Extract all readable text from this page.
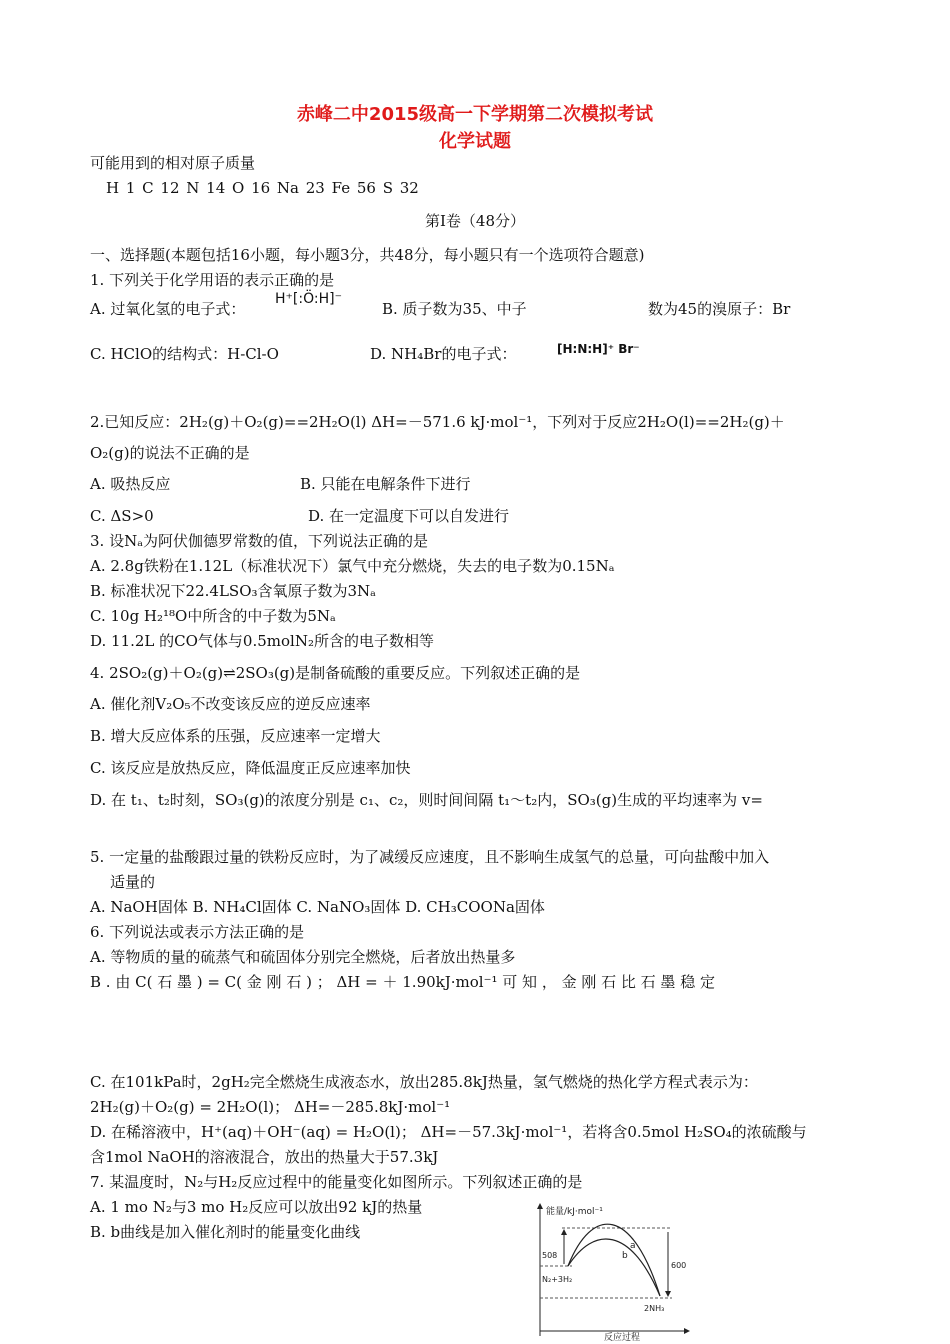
赤峰二中2015级高一下学期第二次模拟考试
化学试题
可能用到的相对原子质量
H 1 C 12 N 14 O 16 Na 23 Fe 56 S 32
第Ⅰ卷（48分）
一、选择题(本题包括16小题，每小题3分，共48分，每小题只有一个选项符合题意)
1. 下列关于化学用语的表示正确的是
A. 过氧化氢的电子式：
H⁺[:Ö:H]⁻
B. 质子数为35、中子	数为45的溴原子：Br
C. HClO的结构式：H-Cl-O	D. NH₄Br的电子式：	[H:N:H]⁺ Br⁻
2.已知反应：2H₂(g)＋O₂(g)==2H₂O(l) ΔH=－571.6 kJ·mol⁻¹，下列对于反应2H₂O(l)==2H₂(g)＋
O₂(g)的说法不正确的是
A. 吸热反应	B. 只能在电解条件下进行
C. ΔS>0	D. 在一定温度下可以自发进行
3. 设Nₐ为阿伏伽德罗常数的值，下列说法正确的是
A. 2.8g铁粉在1.12L（标准状况下）氯气中充分燃烧，失去的电子数为0.15Nₐ
B. 标准状况下22.4LSO₃含氧原子数为3Nₐ
C. 10g H₂¹⁸O中所含的中子数为5Nₐ
D. 11.2L 的CO气体与0.5molN₂所含的电子数相等
4. 2SO₂(g)＋O₂(g)⇌2SO₃(g)是制备硫酸的重要反应。下列叙述正确的是
A. 催化剂V₂O₅不改变该反应的逆反应速率
B. 增大反应体系的压强，反应速率一定增大
C. 该反应是放热反应，降低温度正反应速率加快
D. 在 t₁、t₂时刻，SO₃(g)的浓度分别是 c₁、c₂，则时间间隔 t₁～t₂内，SO₃(g)生成的平均速率为 v=
5. 一定量的盐酸跟过量的铁粉反应时，为了减缓反应速度，且不影响生成氢气的总量，可向盐酸中加入
适量的
A. NaOH固体 B. NH₄Cl固体 C. NaNO₃固体 D. CH₃COONa固体
6. 下列说法或表示方法正确的是
A. 等物质的量的硫蒸气和硫固体分别完全燃烧，后者放出热量多
B . 由 C( 石 墨 ) = C( 金 刚 石 ) ； ΔH = ＋ 1.90kJ·mol⁻¹ 可 知 ， 金 刚 石 比 石 墨 稳 定
C. 在101kPa时，2gH₂完全燃烧生成液态水，放出285.8kJ热量，氢气燃烧的热化学方程式表示为：
2H₂(g)＋O₂(g) = 2H₂O(l)； ΔH=－285.8kJ·mol⁻¹
D. 在稀溶液中，H⁺(aq)＋OH⁻(aq) = H₂O(l)； ΔH=－57.3kJ·mol⁻¹，若将含0.5mol H₂SO₄的浓硫酸与
含1mol NaOH的溶液混合，放出的热量大于57.3kJ
7. 某温度时，N₂与H₂反应过程中的能量变化如图所示。下列叙述正确的是
A. 1 mo N₂与3 mo H₂反应可以放出92 kJ的热量
B. b曲线是加入催化剂时的能量变化曲线
能量/kJ·mol⁻¹
反应过程
508
600
a
b
N₂+3H₂
2NH₃
